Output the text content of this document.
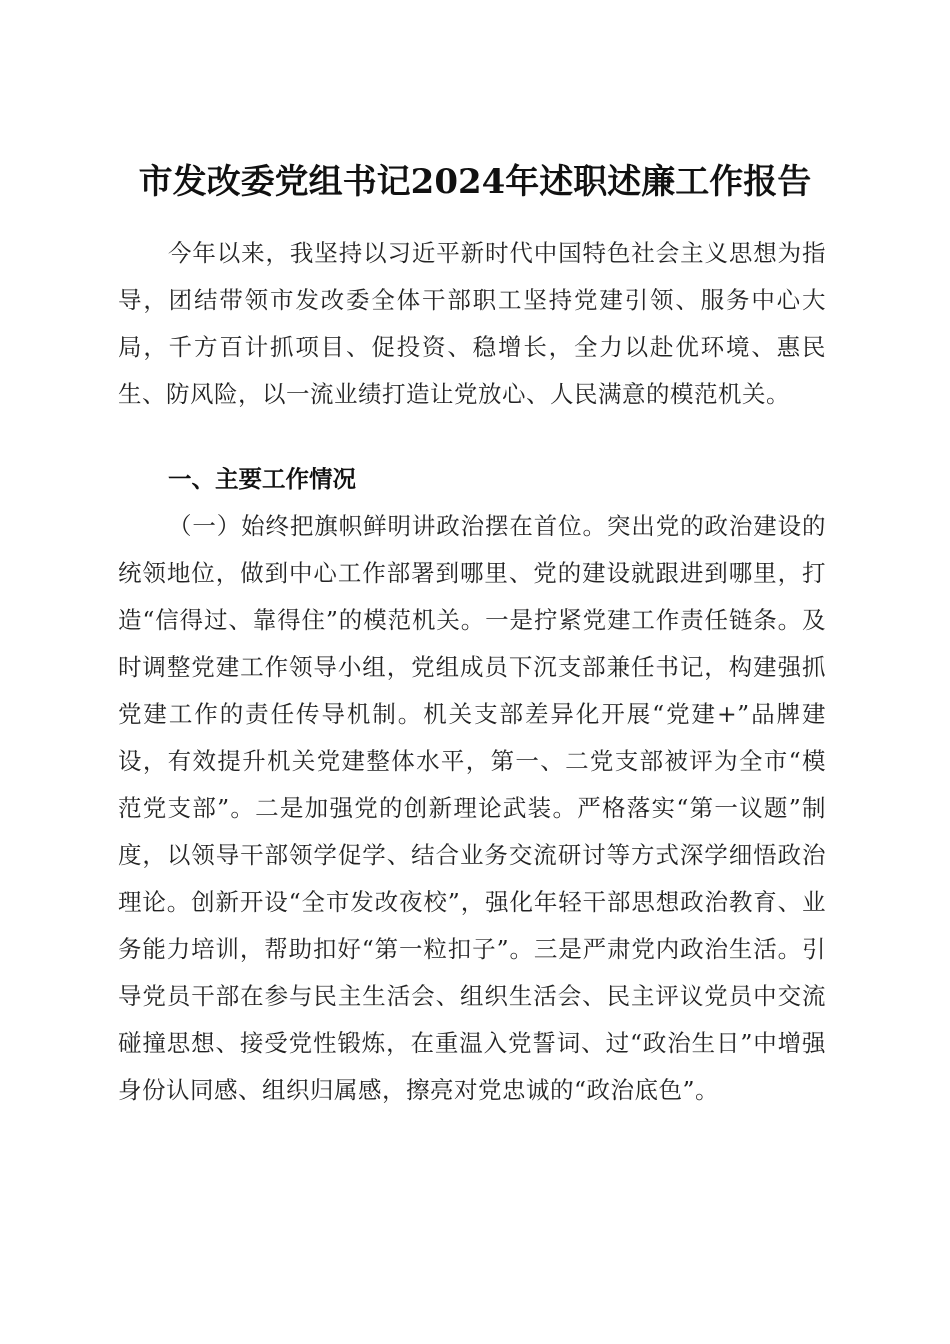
市发改委党组书记2024年述职述廉工作报告

今年以来，我坚持以习近平新时代中国特色社会主义思想为指导，团结带领市发改委全体干部职工坚持党建引领、服务中心大局，千方百计抓项目、促投资、稳增长，全力以赴优环境、惠民生、防风险，以一流业绩打造让党放心、人民满意的模范机关。

一、主要工作情况

（一）始终把旗帜鲜明讲政治摆在首位。突出党的政治建设的统领地位，做到中心工作部署到哪里、党的建设就跟进到哪里，打造“信得过、靠得住”的模范机关。一是拧紧党建工作责任链条。及时调整党建工作领导小组，党组成员下沉支部兼任书记，构建强抓党建工作的责任传导机制。机关支部差异化开展“党建+”品牌建设，有效提升机关党建整体水平，第一、二党支部被评为全市“模范党支部”。二是加强党的创新理论武装。严格落实“第一议题”制度，以领导干部领学促学、结合业务交流研讨等方式深学细悟政治理论。创新开设“全市发改夜校”，强化年轻干部思想政治教育、业务能力培训，帮助扣好“第一粒扣子”。三是严肃党内政治生活。引导党员干部在参与民主生活会、组织生活会、民主评议党员中交流碰撞思想、接受党性锻炼，在重温入党誓词、过“政治生日”中增强身份认同感、组织归属感，擦亮对党忠诚的“政治底色”。
